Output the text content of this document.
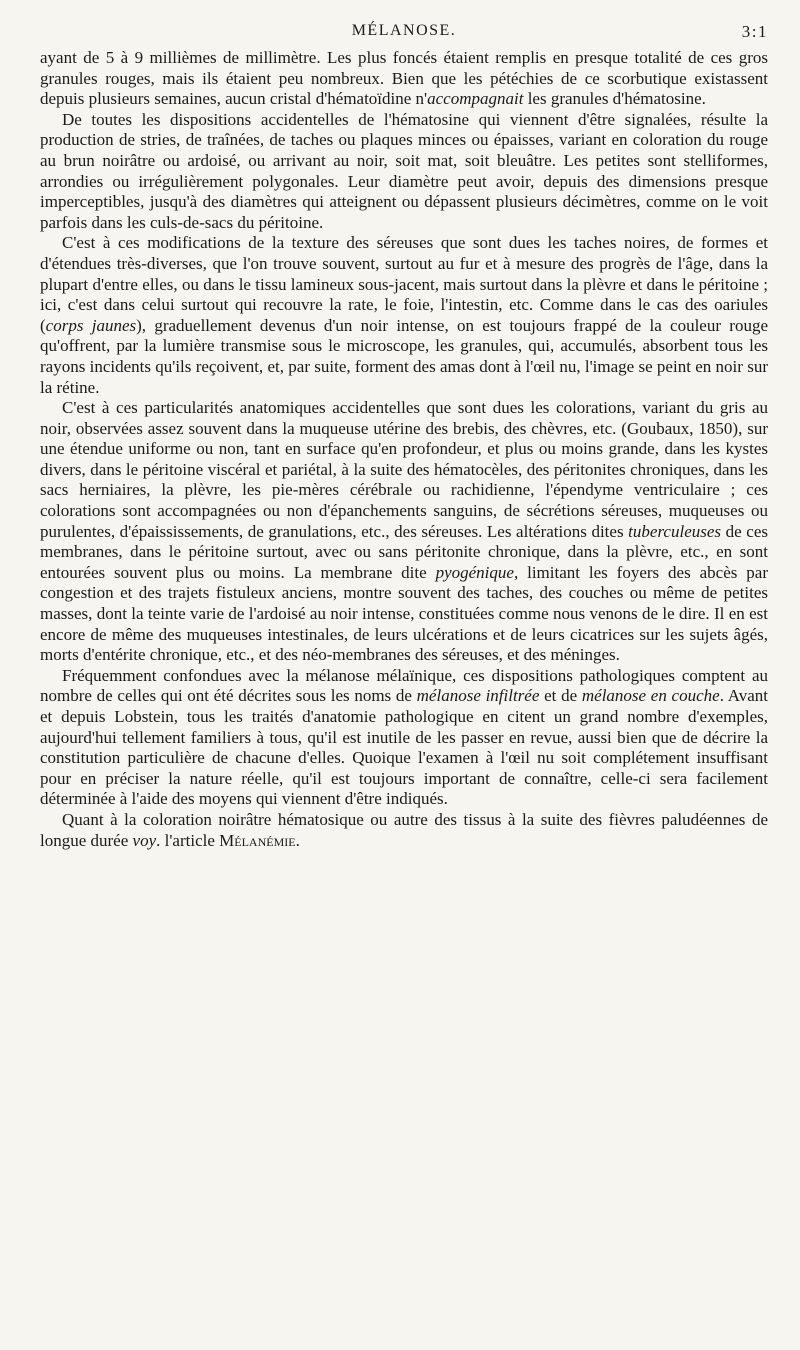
MÉLANOSE.	3:1

ayant de 5 à 9 millièmes de millimètre. Les plus foncés étaient remplis en presque totalité de ces gros granules rouges, mais ils étaient peu nombreux. Bien que les pétéchies de ce scorbutique existassent depuis plusieurs semaines, aucun cristal d'hématoïdine n'accompagnait les granules d'hématosine.

De toutes les dispositions accidentelles de l'hématosine qui viennent d'être signalées, résulte la production de stries, de traînées, de taches ou plaques minces ou épaisses, variant en coloration du rouge au brun noirâtre ou ardoisé, ou arrivant au noir, soit mat, soit bleuâtre. Les petites sont stelliformes, arrondies ou irrégulièrement polygonales. Leur diamètre peut avoir, depuis des dimensions presque imperceptibles, jusqu'à des diamètres qui atteignent ou dépassent plusieurs décimètres, comme on le voit parfois dans les culs-de-sacs du péritoine.

C'est à ces modifications de la texture des séreuses que sont dues les taches noires, de formes et d'étendues très-diverses, que l'on trouve souvent, surtout au fur et à mesure des progrès de l'âge, dans la plupart d'entre elles, ou dans le tissu lamineux sous-jacent, mais surtout dans la plèvre et dans le péritoine ; ici, c'est dans celui surtout qui recouvre la rate, le foie, l'intestin, etc. Comme dans le cas des oariules (corps jaunes), graduellement devenus d'un noir intense, on est toujours frappé de la couleur rouge qu'offrent, par la lumière transmise sous le microscope, les granules, qui, accumulés, absorbent tous les rayons incidents qu'ils reçoivent, et, par suite, forment des amas dont à l'œil nu, l'image se peint en noir sur la rétine.

C'est à ces particularités anatomiques accidentelles que sont dues les colorations, variant du gris au noir, observées assez souvent dans la muqueuse utérine des brebis, des chèvres, etc. (Goubaux, 1850), sur une étendue uniforme ou non, tant en surface qu'en profondeur, et plus ou moins grande, dans les kystes divers, dans le péritoine viscéral et pariétal, à la suite des hématocèles, des péritonites chroniques, dans les sacs herniaires, la plèvre, les pie-mères cérébrale ou rachidienne, l'épendyme ventriculaire ; ces colorations sont accompagnées ou non d'épanchements sanguins, de sécrétions séreuses, muqueuses ou purulentes, d'épaississements, de granulations, etc., des séreuses. Les altérations dites tuberculeuses de ces membranes, dans le péritoine surtout, avec ou sans péritonite chronique, dans la plèvre, etc., en sont entourées souvent plus ou moins. La membrane dite pyogénique, limitant les foyers des abcès par congestion et des trajets fistuleux anciens, montre souvent des taches, des couches ou même de petites masses, dont la teinte varie de l'ardoisé au noir intense, constituées comme nous venons de le dire. Il en est encore de même des muqueuses intestinales, de leurs ulcérations et de leurs cicatrices sur les sujets âgés, morts d'entérite chronique, etc., et des néo-membranes des séreuses, et des méninges.

Fréquemment confondues avec la mélanose mélaïnique, ces dispositions pathologiques comptent au nombre de celles qui ont été décrites sous les noms de mélanose infiltrée et de mélanose en couche. Avant et depuis Lobstein, tous les traités d'anatomie pathologique en citent un grand nombre d'exemples, aujourd'hui tellement familiers à tous, qu'il est inutile de les passer en revue, aussi bien que de décrire la constitution particulière de chacune d'elles. Quoique l'examen à l'œil nu soit complétement insuffisant pour en préciser la nature réelle, qu'il est toujours important de connaître, celle-ci sera facilement déterminée à l'aide des moyens qui viennent d'être indiqués.

Quant à la coloration noirâtre hématosique ou autre des tissus à la suite des fièvres paludéennes de longue durée voy. l'article Mélanémie.
